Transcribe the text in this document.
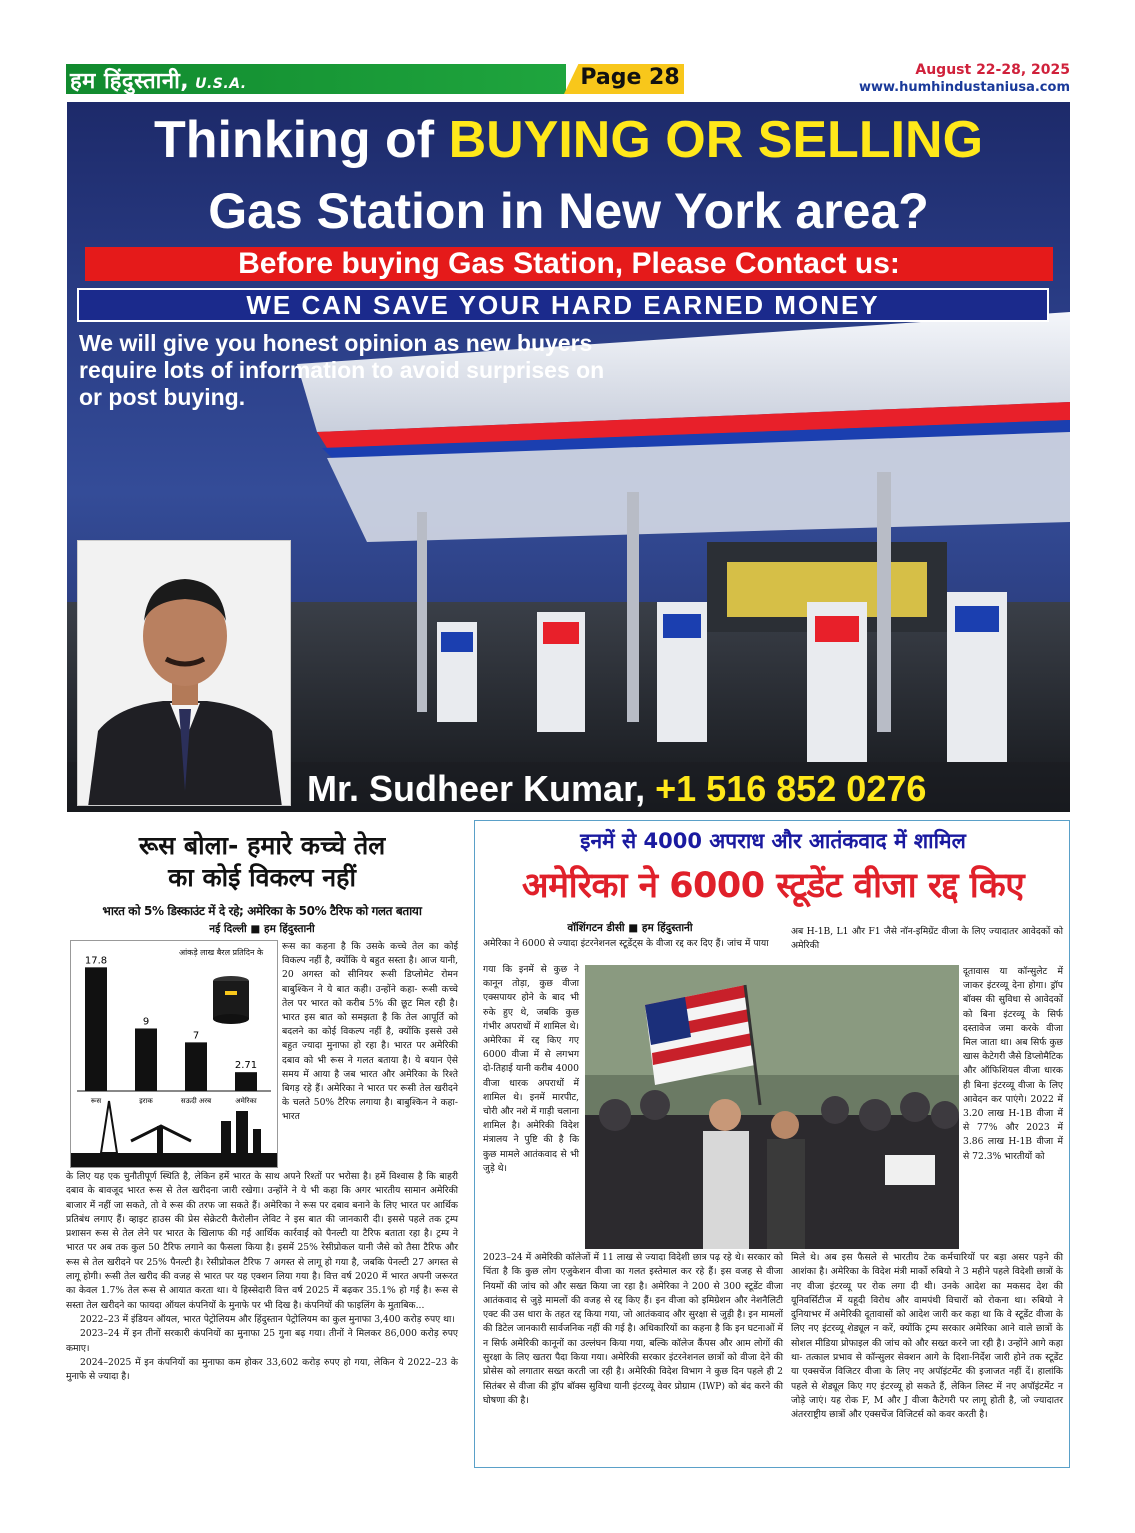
हम हिंदुस्तानी, U.S.A.	Page 28	August 22-28, 2025
www.humhindustaniusa.com
Thinking of BUYING OR SELLING
Gas Station in New York area?
Before buying Gas Station, Please Contact us:
WE CAN SAVE YOUR HARD EARNED MONEY
We will give you honest opinion as new buyers require lots of information to avoid surprises on or post buying.
Mr. Sudheer Kumar, +1 516 852 0276
रूस बोला- हमारे कच्चे तेल
का कोई विकल्प नहीं
भारत को 5% डिस्काउंट में दे रहे; अमेरिका के 50% टैरिफ को गलत बताया
नई दिल्ली ■ हम हिंदुस्तानी
आंकड़े लाख बैरल प्रतिदिन के
17.8
रूस
9
इराक
7
सऊदी अरब
2.71
अमेरिका
रूस का कहना है कि उसके कच्चे तेल का कोई विकल्प नहीं है, क्योंकि ये बहुत सस्ता है। आज यानी, 20 अगस्त को सीनियर रूसी डिप्लोमेट रोमन बाबुश्किन ने ये बात कही। उन्होंने कहा- रूसी कच्चे तेल पर भारत को करीब 5% की छूट मिल रही है। भारत इस बात को समझता है कि तेल आपूर्ति को बदलने का कोई विकल्प नहीं है, क्योंकि इससे उसे बहुत ज्यादा मुनाफा हो रहा है। भारत पर अमेरिकी दबाव को भी रूस ने गलत बताया है। ये बयान ऐसे समय में आया है जब भारत और अमेरिका के रिश्ते बिगड़ रहे हैं। अमेरिका ने भारत पर रूसी तेल खरीदने के चलते 50% टैरिफ लगाया है। बाबुश्किन ने कहा- भारत

के लिए यह एक चुनौतीपूर्ण स्थिति है, लेकिन हमें भारत के साथ अपने रिश्तों पर भरोसा है। हमें विश्वास है कि बाहरी दबाव के बावजूद भारत रूस से तेल खरीदना जारी रखेगा। उन्होंने ने ये भी कहा कि अगर भारतीय सामान अमेरिकी बाजार में नहीं जा सकते, तो वे रूस की तरफ जा सकते हैं। अमेरिका ने रूस पर दबाव बनाने के लिए भारत पर आर्थिक प्रतिबंध लगाए हैं। व्हाइट हाउस की प्रेस सेक्रेटरी कैरोलीन लेविट ने इस बात की जानकारी दी। इससे पहले तक ट्रम्प प्रशासन रूस से तेल लेने पर भारत के खिलाफ की गई आर्थिक कार्रवाई को पैनल्टी या टैरिफ बताता रहा है। ट्रम्प ने भारत पर अब तक कुल 50 टैरिफ लगाने का फैसला किया है। इसमें 25% रेसीप्रोकल यानी जैसे को तैसा टैरिफ और रूस से तेल खरीदने पर 25% पैनल्टी है। रेसीप्रोकल टैरिफ 7 अगस्त से लागू हो गया है, जबकि पेनल्टी 27 अगस्त से लागू होगी। रूसी तेल खरीद की वजह से भारत पर यह एक्शन लिया गया है। वित्त वर्ष 2020 में भारत अपनी जरूरत का केवल 1.7% तेल रूस से आयात करता था। ये हिस्सेदारी वित्त वर्ष 2025 में बढ़कर 35.1% हो गई है। रूस से सस्ता तेल खरीदने का फायदा ऑयल कंपनियों के मुनाफे पर भी दिख है। कंपनियों की फाइलिंग के मुताबिक...

2022–23 में इंडियन ऑयल, भारत पेट्रोलियम और हिंदुस्तान पेट्रोलियम का कुल मुनाफा 3,400 करोड़ रुपए था।

2023–24 में इन तीनों सरकारी कंपनियों का मुनाफा 25 गुना बढ़ गया। तीनों ने मिलकर 86,000 करोड़ रुपए कमाए।

2024–2025 में इन कंपनियों का मुनाफा कम होकर 33,602 करोड़ रुपए हो गया, लेकिन ये 2022–23 के मुनाफे से ज्यादा है।

इनमें से 4000 अपराध और आतंकवाद में शामिल
अमेरिका ने 6000 स्टूडेंट वीजा रद्द किए
वॉशिंगटन डीसी ■ हम हिंदुस्तानी
अमेरिका ने 6000 से ज्यादा इंटरनेशनल स्टूडेंट्स के वीजा रद्द कर दिए हैं। जांच में पाया
गया कि इनमें से कुछ ने कानून तोड़ा, कुछ वीजा एक्सपायर होने के बाद भी रुके हुए थे, जबकि कुछ गंभीर अपराधों में शामिल थे। अमेरिका में रद्द किए गए 6000 वीजा में से लगभग दो-तिहाई यानी करीब 4000 वीजा धारक अपराधों में शामिल थे। इनमें मारपीट, चोरी और नशे में गाड़ी चलाना शामिल है। अमेरिकी विदेश मंत्रालय ने पुष्टि की है कि कुछ मामले आतंकवाद से भी जुड़े थे।
2023–24 में अमेरिकी कॉलेजों में 11 लाख से ज्यादा विदेशी छात्र पढ़ रहे थे। सरकार को चिंता है कि कुछ लोग एजुकेशन वीजा का गलत इस्तेमाल कर रहे हैं। इस वजह से वीजा नियमों की जांच को और सख्त किया जा रहा है। अमेरिका ने 200 से 300 स्टूडेंट वीजा आतंकवाद से जुड़े मामलों की वजह से रद्द किए हैं। इन वीजा को इमिग्रेशन और नेशनैलिटी एक्ट की उस धारा के तहत रद्द किया गया, जो आतंकवाद और सुरक्षा से जुड़ी है। इन मामलों की डिटेल जानकारी सार्वजनिक नहीं की गई है। अधिकारियों का कहना है कि इन घटनाओं में न सिर्फ अमेरिकी कानूनों का उल्लंघन किया गया, बल्कि कॉलेज कैंपस और आम लोगों की सुरक्षा के लिए खतरा पैदा किया गया। अमेरिकी सरकार इंटरनेशनल छात्रों को वीजा देने की प्रोसेस को लगातार सख्त करती जा रही है। अमेरिकी विदेश विभाग ने कुछ दिन पहले ही 2 सितंबर से वीजा की ड्रॉप बॉक्स सुविधा यानी इंटरव्यू वेवर प्रोग्राम (IWP) को बंद करने की घोषणा की है।
अब H-1B, L1 और F1 जैसे नॉन-इमिग्रेंट वीजा के लिए ज्यादातर आवेदकों को अमेरिकी
दूतावास या कॉन्सुलेट में जाकर इंटरव्यू देना होगा। ड्रॉप बॉक्स की सुविधा से आवेदकों को बिना इंटरव्यू के सिर्फ दस्तावेज जमा करके वीजा मिल जाता था। अब सिर्फ कुछ खास केटेगरी जैसे डिप्लोमैटिक और ऑफिशियल वीजा धारक ही बिना इंटरव्यू वीजा के लिए आवेदन कर पाएंगे। 2022 में 3.20 लाख H-1B वीजा में से 77% और 2023 में 3.86 लाख H-1B वीजा में से 72.3% भारतीयों को
मिले थे। अब इस फैसले से भारतीय टेक कर्मचारियों पर बड़ा असर पड़ने की आशंका है। अमेरिका के विदेश मंत्री मार्को रुबियो ने 3 महीने पहले विदेशी छात्रों के नए वीजा इंटरव्यू पर रोक लगा दी थी। उनके आदेश का मकसद देश की यूनिवर्सिटीज में यहूदी विरोध और वामपंथी विचारों को रोकना था। रुबियो ने दुनियाभर में अमेरिकी दूतावासों को आदेश जारी कर कहा था कि वे स्टूडेंट वीजा के लिए नए इंटरव्यू शेड्यूल न करें, क्योंकि ट्रम्प सरकार अमेरिका आने वाले छात्रों के सोशल मीडिया प्रोफाइल की जांच को और सख्त करने जा रही है। उन्होंने आगे कहा था- तत्काल प्रभाव से कॉन्सुलर सेक्शन आगे के दिशा-निर्देश जारी होने तक स्टूडेंट या एक्सचेंज विजिटर वीजा के लिए नए अपॉइंटमेंट की इजाजत नहीं दें। हालांकि पहले से शेड्यूल किए गए इंटरव्यू हो सकते हैं, लेकिन लिस्ट में नए अपॉइंटमेंट न जोड़े जाएं। यह रोक F, M और J वीजा कैटेगरी पर लागू होती है, जो ज्यादातर अंतरराष्ट्रीय छात्रों और एक्सचेंज विजिटर्स को कवर करती है।
